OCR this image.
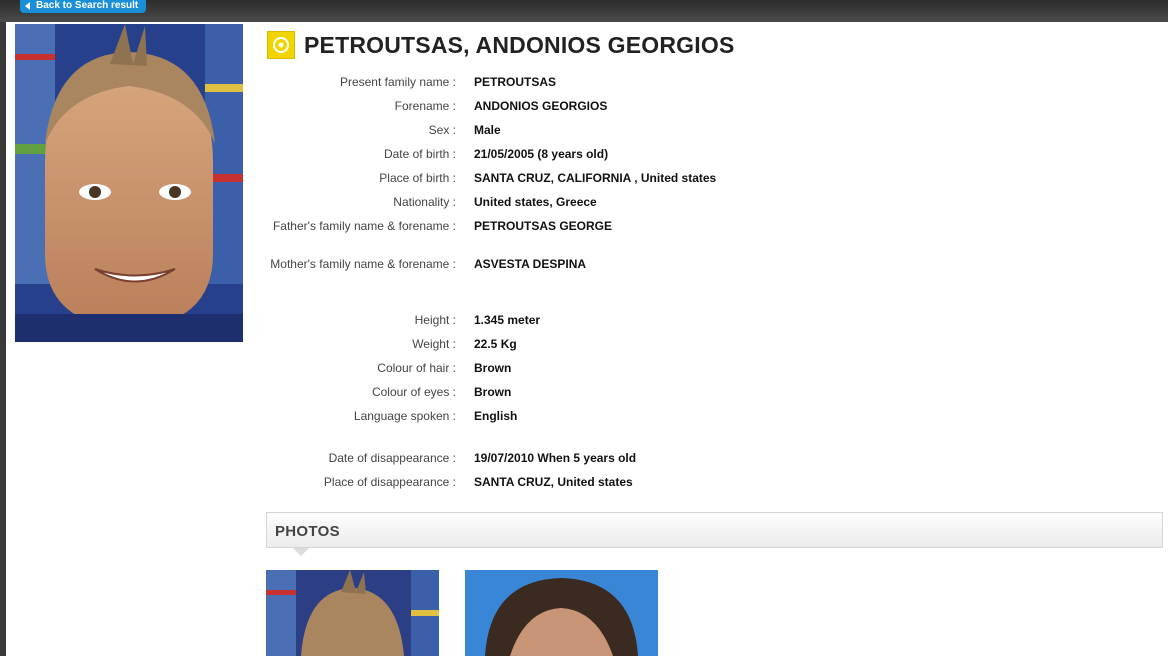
Back to Search result
PETROUTSAS, ANDONIOS GEORGIOS
Present family name : PETROUTSAS
Forename : ANDONIOS GEORGIOS
Sex : Male
Date of birth : 21/05/2005 (8 years old)
Place of birth : SANTA CRUZ, CALIFORNIA , United states
Nationality : United states, Greece
Father's family name & forename : PETROUTSAS GEORGE
Mother's family name & forename : ASVESTA DESPINA
Height : 1.345 meter
Weight : 22.5 Kg
Colour of hair : Brown
Colour of eyes : Brown
Language spoken : English
Date of disappearance : 19/07/2010 When 5 years old
Place of disappearance : SANTA CRUZ, United states
PHOTOS
